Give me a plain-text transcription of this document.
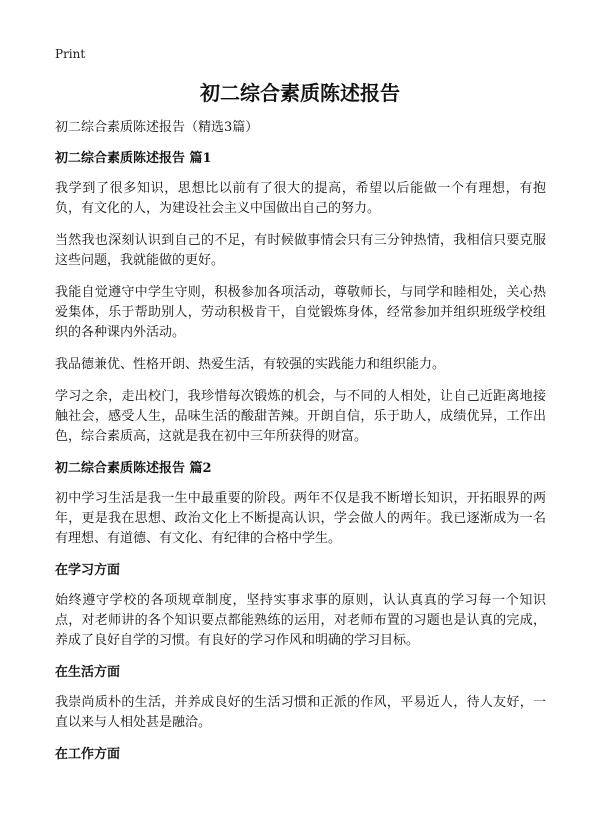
Print
初二综合素质陈述报告
初二综合素质陈述报告（精选3篇）
初二综合素质陈述报告 篇1
我学到了很多知识，思想比以前有了很大的提高，希望以后能做一个有理想，有抱负，有文化的人，为建设社会主义中国做出自己的努力。
当然我也深刻认识到自己的不足，有时候做事情会只有三分钟热情，我相信只要克服这些问题，我就能做的更好。
我能自觉遵守中学生守则，积极参加各项活动，尊敬师长，与同学和睦相处，关心热爱集体，乐于帮助别人，劳动积极肯干，自觉锻炼身体，经常参加并组织班级学校组织的各种课内外活动。
我品德兼优、性格开朗、热爱生活，有较强的实践能力和组织能力。
学习之余，走出校门，我珍惜每次锻炼的机会，与不同的人相处，让自己近距离地接触社会，感受人生，品味生活的酸甜苦辣。开朗自信，乐于助人，成绩优异，工作出色，综合素质高，这就是我在初中三年所获得的财富。
初二综合素质陈述报告 篇2
初中学习生活是我一生中最重要的阶段。两年不仅是我不断增长知识，开拓眼界的两年，更是我在思想、政治文化上不断提高认识，学会做人的两年。我已逐渐成为一名有理想、有道德、有文化、有纪律的合格中学生。
在学习方面
始终遵守学校的各项规章制度，坚持实事求事的原则，认认真真的学习每一个知识点，对老师讲的各个知识要点都能熟练的运用，对老师布置的习题也是认真的完成，养成了良好自学的习惯。有良好的学习作风和明确的学习目标。
在生活方面
我崇尚质朴的生活，并养成良好的生活习惯和正派的作风，平易近人，待人友好，一直以来与人相处甚是融洽。
在工作方面
